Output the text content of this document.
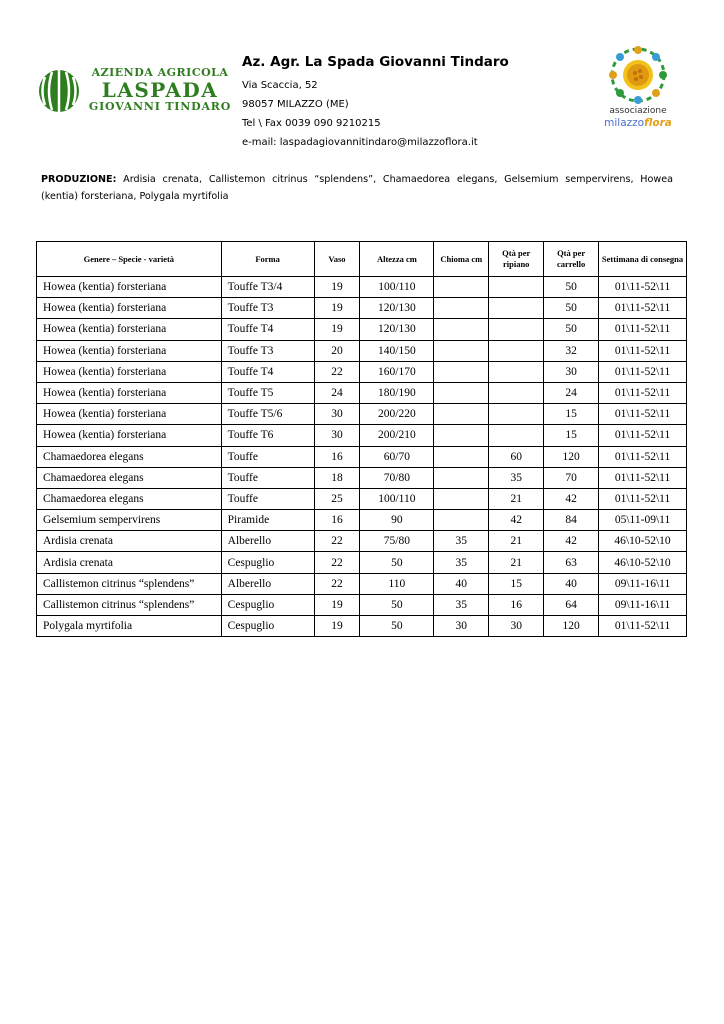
AZIENDA AGRICOLA
LASPADA
GIOVANNI TINDARO
Az. Agr. La Spada Giovanni Tindaro
Via Scaccia, 52
98057 MILAZZO (ME)
Tel \ Fax 0039 090 9210215
e-mail: laspadagiovannitindaro@milazzoflora.it
associazione
milazzoflora
PRODUZIONE: Ardisia crenata, Callistemon citrinus “splendens”, Chamaedorea elegans, Gelsemium sempervirens, Howea (kentia) forsteriana, Polygala myrtifolia
Genere – Specie - varietà	Forma	Vaso	Altezza cm	Chioma cm	Qtà per ripiano	Qtà per carrello	Settimana di consegna
Howea (kentia) forsteriana	Touffe T3/4	19	100/110			50	01\11-52\11
Howea (kentia) forsteriana	Touffe T3	19	120/130			50	01\11-52\11
Howea (kentia) forsteriana	Touffe T4	19	120/130			50	01\11-52\11
Howea (kentia) forsteriana	Touffe T3	20	140/150			32	01\11-52\11
Howea (kentia) forsteriana	Touffe T4	22	160/170			30	01\11-52\11
Howea (kentia) forsteriana	Touffe T5	24	180/190			24	01\11-52\11
Howea (kentia) forsteriana	Touffe T5/6	30	200/220			15	01\11-52\11
Howea (kentia) forsteriana	Touffe T6	30	200/210			15	01\11-52\11
Chamaedorea elegans	Touffe	16	60/70		60	120	01\11-52\11
Chamaedorea elegans	Touffe	18	70/80		35	70	01\11-52\11
Chamaedorea elegans	Touffe	25	100/110		21	42	01\11-52\11
Gelsemium sempervirens	Piramide	16	90		42	84	05\11-09\11
Ardisia crenata	Alberello	22	75/80	35	21	42	46\10-52\10
Ardisia crenata	Cespuglio	22	50	35	21	63	46\10-52\10
Callistemon citrinus “splendens”	Alberello	22	110	40	15	40	09\11-16\11
Callistemon citrinus “splendens”	Cespuglio	19	50	35	16	64	09\11-16\11
Polygala myrtifolia	Cespuglio	19	50	30	30	120	01\11-52\11
